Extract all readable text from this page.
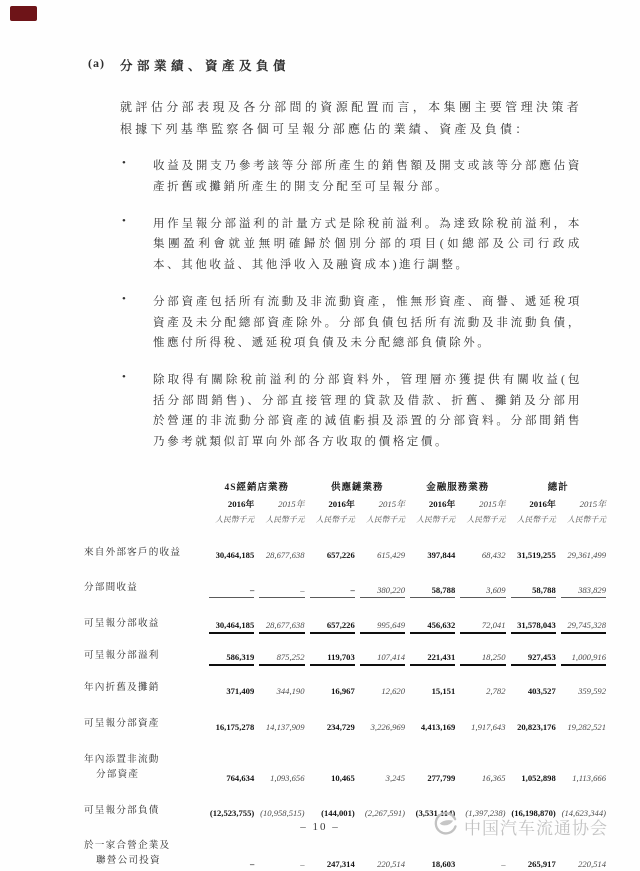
(a)	分部業績、資產及負債
就評估分部表現及各分部間的資源配置而言，本集團主要管理決策者根據下列基準監察各個可呈報分部應佔的業績、資產及負債：
•	收益及開支乃參考該等分部所產生的銷售額及開支或該等分部應佔資產折舊或攤銷所產生的開支分配至可呈報分部。
•	用作呈報分部溢利的計量方式是除稅前溢利。為達致除稅前溢利，本集團盈利會就並無明確歸於個別分部的項目(如總部及公司行政成本、其他收益、其他淨收入及融資成本)進行調整。
•	分部資產包括所有流動及非流動資產，惟無形資產、商譽、遞延稅項資產及未分配總部資產除外。分部負債包括所有流動及非流動負債，惟應付所得稅、遞延稅項負債及未分配總部負債除外。
•	除取得有關除稅前溢利的分部資料外，管理層亦獲提供有關收益(包括分部間銷售)、分部直接管理的貸款及借款、折舊、攤銷及分部用於營運的非流動分部資產的減值虧損及添置的分部資料。分部間銷售乃參考就類似訂單向外部各方收取的價格定價。
4S經銷店業務	供應鏈業務	金融服務業務	總計
2016年	2015年	2016年	2015年	2016年	2015年	2016年	2015年
人民幣千元	人民幣千元	人民幣千元	人民幣千元	人民幣千元	人民幣千元	人民幣千元	人民幣千元
來自外部客戶的收益	30,464,185	28,677,638	657,226	615,429	397,844	68,432	31,519,255	29,361,499
分部間收益	–	–	–	380,220	58,788	3,609	58,788	383,829
可呈報分部收益	30,464,185	28,677,638	657,226	995,649	456,632	72,041	31,578,043	29,745,328
可呈報分部溢利	586,319	875,252	119,703	107,414	221,431	18,250	927,453	1,000,916
年內折舊及攤銷	371,409	344,190	16,967	12,620	15,151	2,782	403,527	359,592
可呈報分部資產	16,175,278	14,137,909	234,729	3,226,969	4,413,169	1,917,643	20,823,176	19,282,521
年內添置非流動
分部資產	764,634	1,093,656	10,465	3,245	277,799	16,365	1,052,898	1,113,666
可呈報分部負債	(12,523,755) (10,958,515)	(144,001)	(2,267,591)	(3,531,114)	(1,397,238) (16,198,870) (14,623,344)
於一家合營企業及
聯營公司投資	–	–	247,314	220,514	18,603	–	265,917	220,514
– 10 –	中国汽车流通协会
